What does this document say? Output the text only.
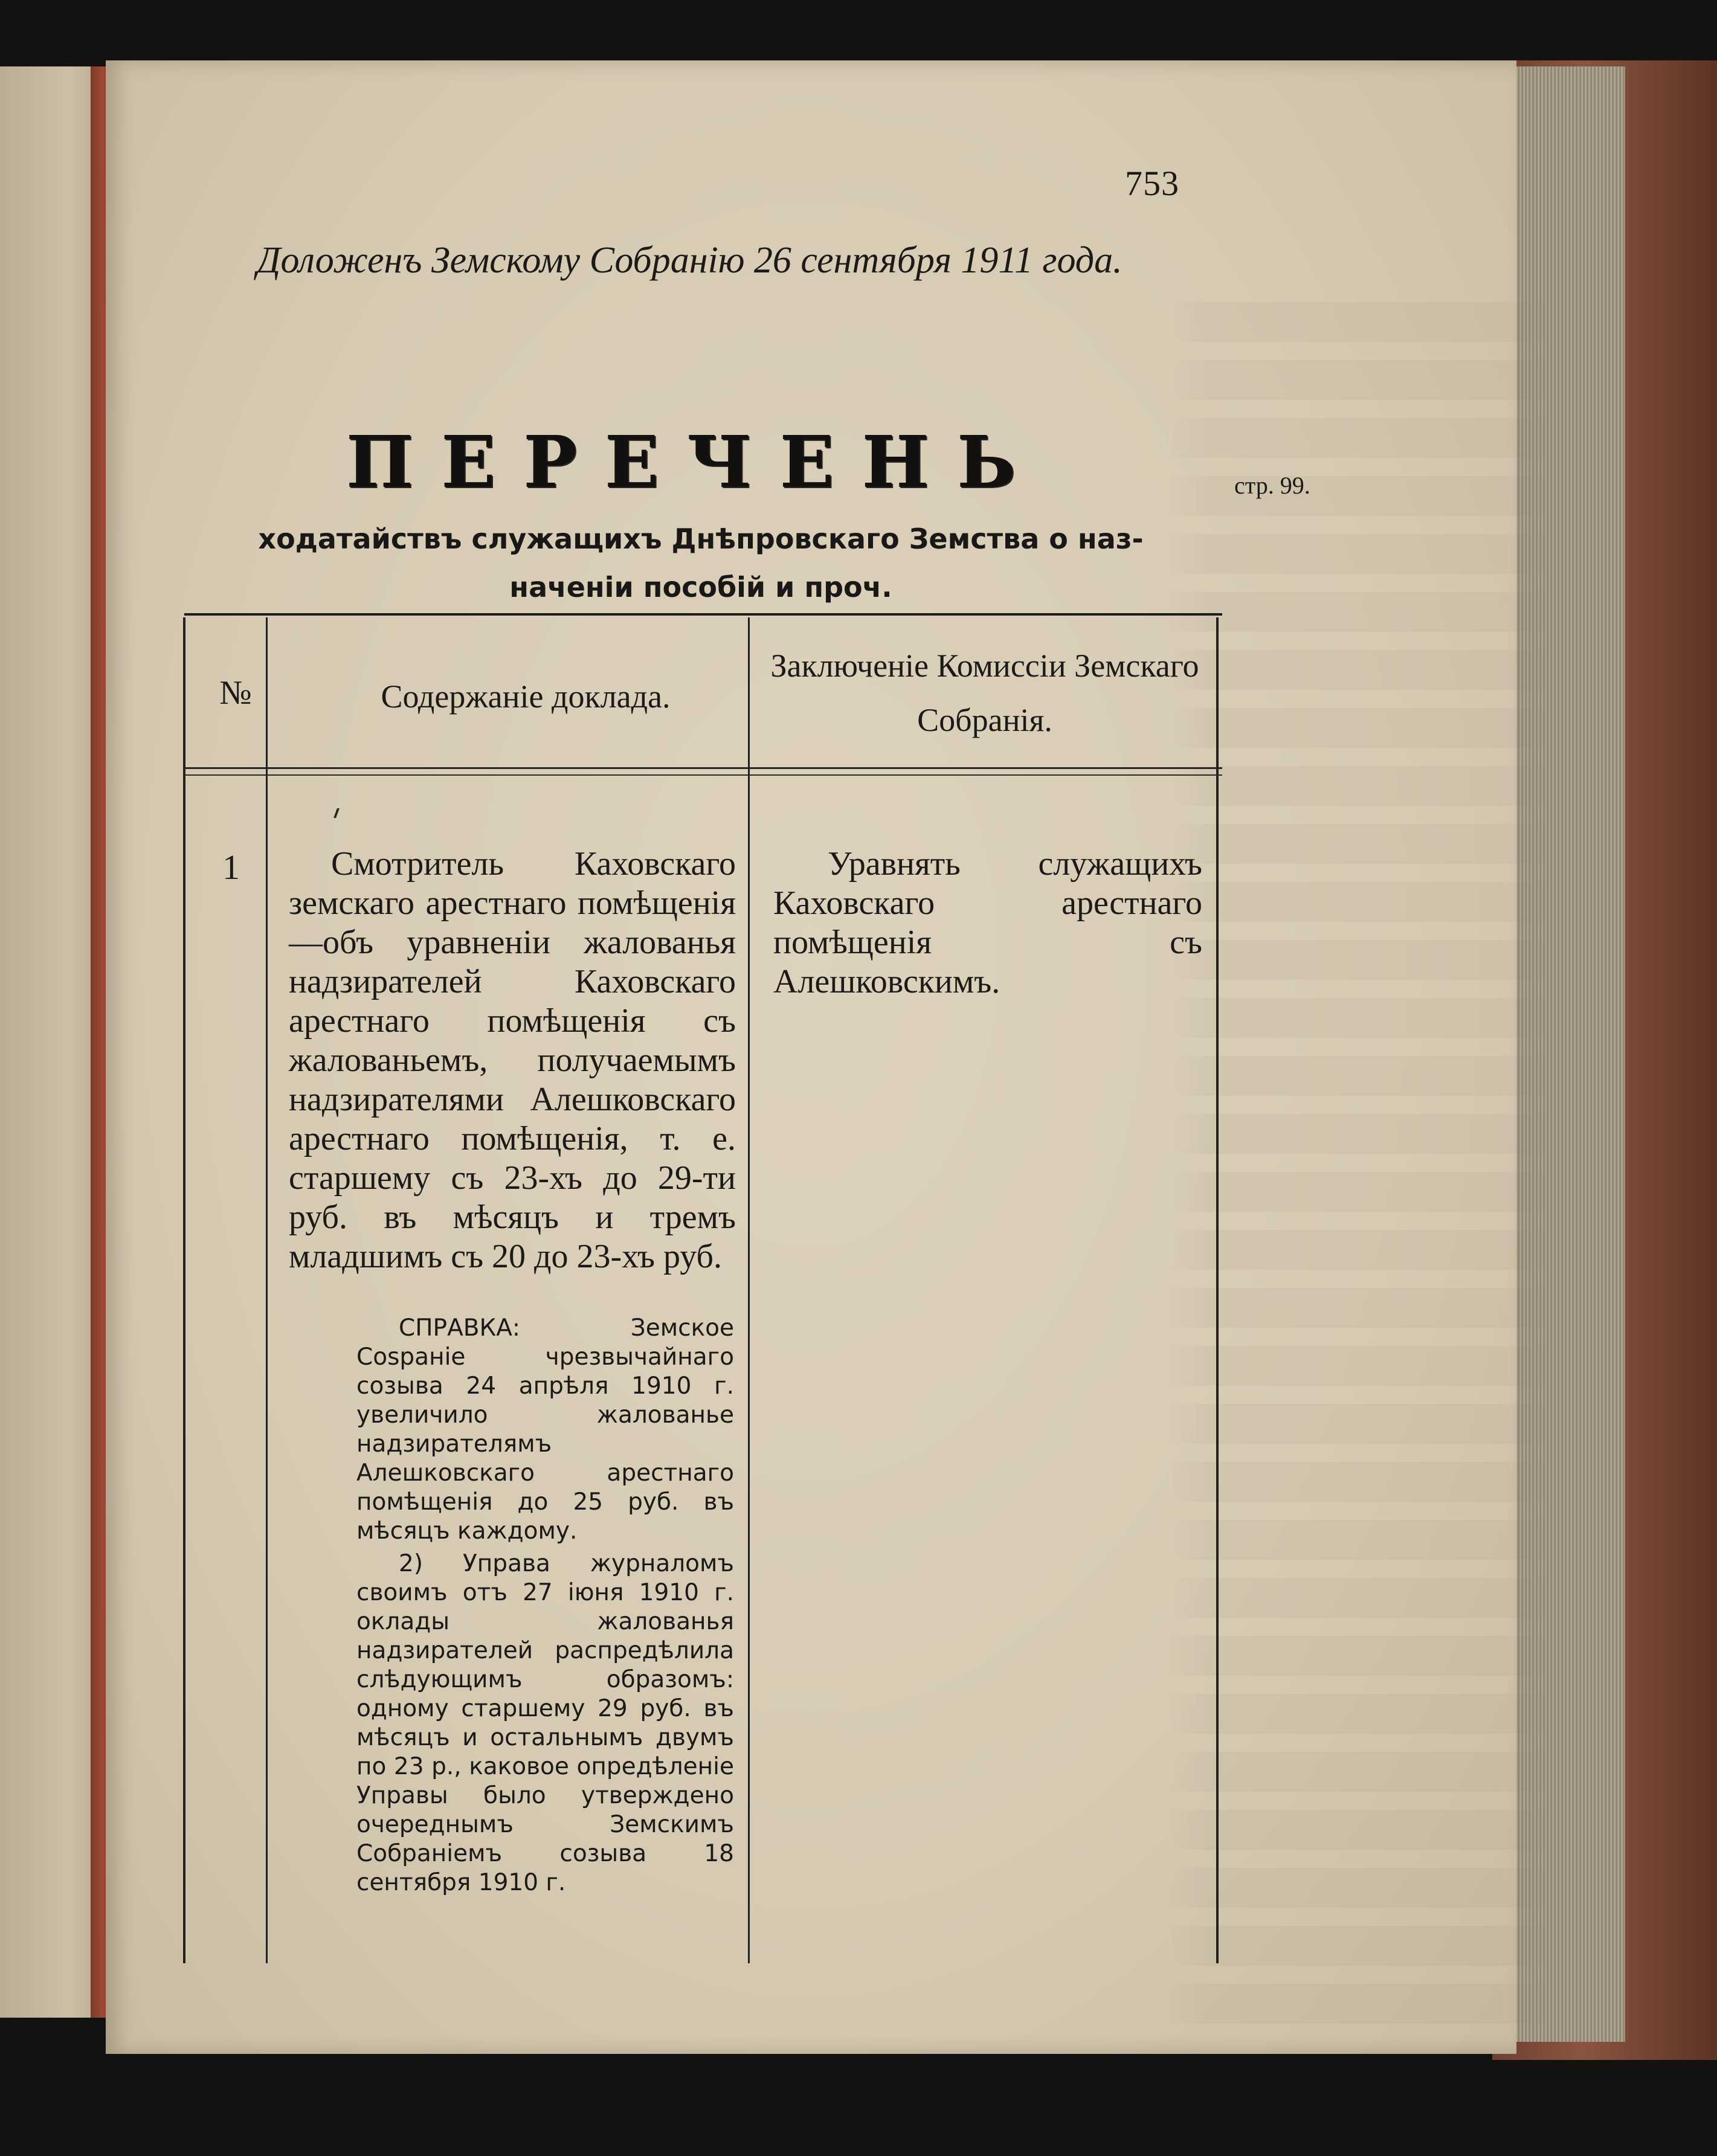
753
Доложенъ Земскому Собранію 26 сентября 1911 года.
ПЕРЕЧЕНЬ
ходатайствъ служащихъ Днѣпровскаго Земства о наз-
наченіи пособій и проч.
стр. 99.
№	Содержаніе доклада.
Заключеніе Комиссіи Земскаго Собранія.
1	Смотритель Каховскаго земскаго арестнаго помѣщенія—объ уравненіи жалованья надзирателей Каховскаго арестнаго помѣщенія съ жалованьемъ, получаемымъ надзирателями Алешковскаго арестнаго помѣщенія, т. е. старшему съ 23-хъ до 29-ти руб. въ мѣсяцъ и тремъ младшимъ съ 20 до 23-хъ руб.
СПРАВКА: Земское Соsраніе чрезвычайнаго созыва 24 апрѣля 1910 г. увеличило жалованье надзирателямъ Алешковскаго арестнаго помѣщенія до 25 руб. въ мѣсяцъ каждому.
2) Управа журналомъ своимъ отъ 27 іюня 1910 г. оклады жалованья надзирателей распредѣлила слѣдующимъ образомъ: одному старшему 29 руб. въ мѣсяцъ и остальнымъ двумъ по 23 р., каковое опредѣленіе Управы было утверждено очереднымъ Земскимъ Собраніемъ созыва 18 сентября 1910 г.
Уравнять служащихъ Каховскаго арестнаго помѣщенія съ Алешковскимъ.
